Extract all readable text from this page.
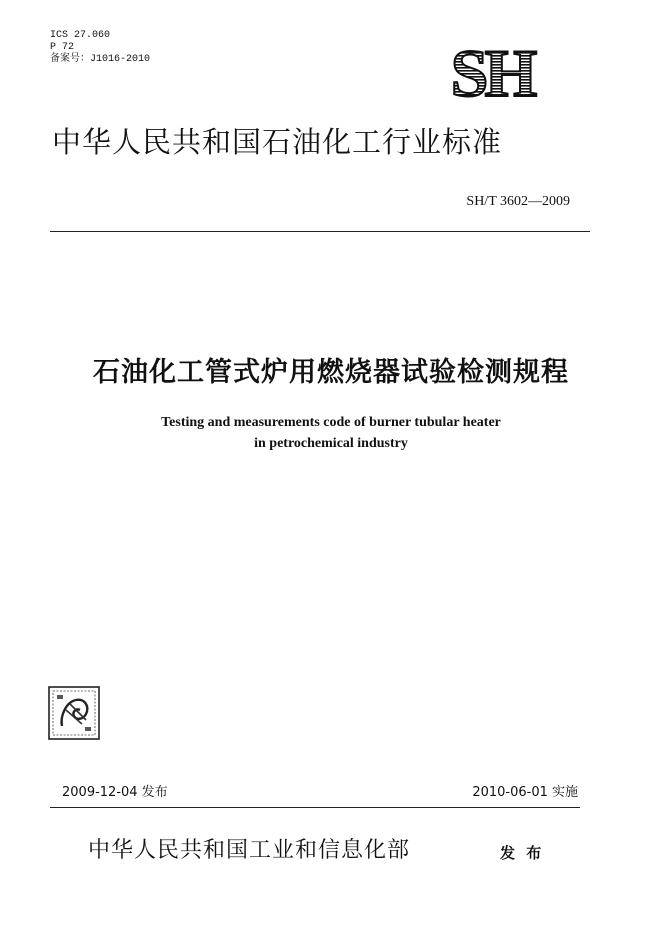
ICS 27.060
P 72
备案号：J1016-2010	SH
中华人民共和国石油化工行业标准
SH/T 3602—2009
石油化工管式炉用燃烧器试验检测规程
Testing and measurements code of burner tubular heater
in petrochemical industry
2009-12-04 发布	2010-06-01 实施
中华人民共和国工业和信息化部	发 布
